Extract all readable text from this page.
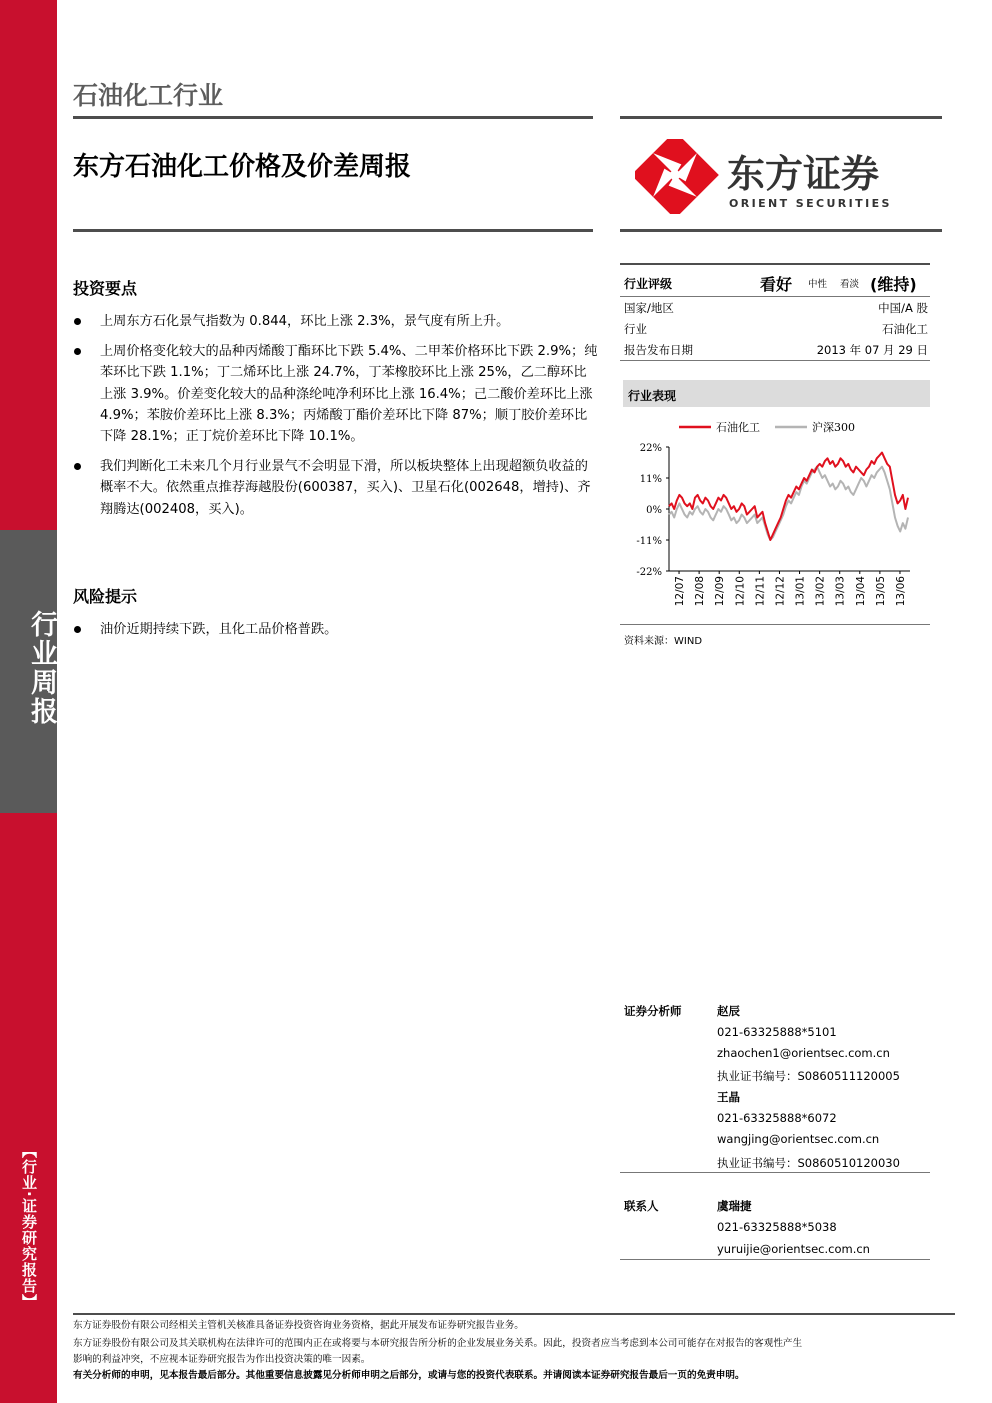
行业周报
【行业·证券研究报告】
石油化工行业
东方石油化工价格及价差周报	东方证券
ORIENT SECURITIES
投资要点
上周东方石化景气指数为 0.844，环比上涨 2.3%，景气度有所上升。
上周价格变化较大的品种丙烯酸丁酯环比下跌 5.4%、二甲苯价格环比下跌 2.9%；纯苯环比下跌 1.1%；丁二烯环比上涨 24.7%，丁苯橡胶环比上涨 25%，乙二醇环比上涨 3.9%。价差变化较大的品种涤纶吨净利环比上涨 16.4%；己二酸价差环比上涨 4.9%；苯胺价差环比上涨 8.3%；丙烯酸丁酯价差环比下降 87%；顺丁胶价差环比下降 28.1%；正丁烷价差环比下降 10.1%。
我们判断化工未来几个月行业景气不会明显下滑，所以板块整体上出现超额负收益的概率不大。依然重点推荐海越股份(600387，买入)、卫星石化(002648，增持)、齐翔腾达(002408，买入)。
风险提示
油价近期持续下跌，且化工品价格普跌。
行业评级	看好 中性 看淡 (维持)
国家/地区	中国/A 股
行业	石油化工
报告发布日期	2013 年 07 月 29 日
行业表现
22%
11%
0%
-11%
-22%
12/07 12/08 12/09 12/10 12/11 12/12 13/01 13/02 13/03 13/04 13/05 13/06
石油化工	沪深300
资料来源：WIND
证券分析师	赵辰
021-63325888*5101
zhaochen1@orientsec.com.cn
执业证书编号：S0860511120005
王晶
021-63325888*6072
wangjing@orientsec.com.cn
执业证书编号：S0860510120030
联系人	虞瑞捷
021-63325888*5038
yuruijie@orientsec.com.cn
东方证券股份有限公司经相关主管机关核准具备证券投资咨询业务资格，据此开展发布证券研究报告业务。
东方证券股份有限公司及其关联机构在法律许可的范围内正在或将要与本研究报告所分析的企业发展业务关系。因此，投资者应当考虑到本公司可能存在对报告的客观性产生
影响的利益冲突，不应视本证券研究报告为作出投资决策的唯一因素。
有关分析师的申明，见本报告最后部分。其他重要信息披露见分析师申明之后部分，或请与您的投资代表联系。并请阅读本证券研究报告最后一页的免责申明。
